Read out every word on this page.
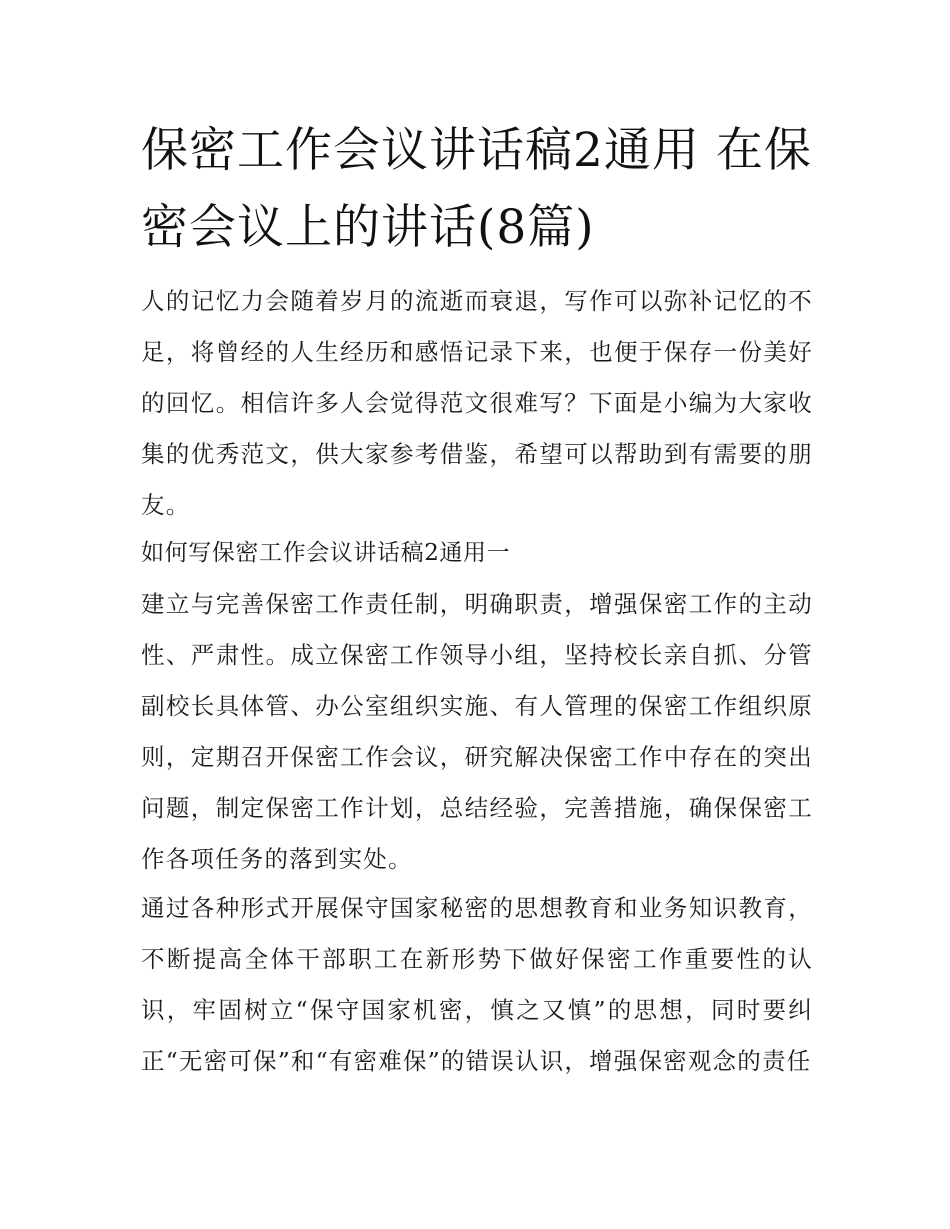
保密工作会议讲话稿2通用 在保密会议上的讲话(8篇)

人的记忆力会随着岁月的流逝而衰退，写作可以弥补记忆的不足，将曾经的人生经历和感悟记录下来，也便于保存一份美好的回忆。相信许多人会觉得范文很难写？下面是小编为大家收集的优秀范文，供大家参考借鉴，希望可以帮助到有需要的朋友。

如何写保密工作会议讲话稿2通用一

建立与完善保密工作责任制，明确职责，增强保密工作的主动性、严肃性。成立保密工作领导小组，坚持校长亲自抓、分管副校长具体管、办公室组织实施、有人管理的保密工作组织原则，定期召开保密工作会议，研究解决保密工作中存在的突出问题，制定保密工作计划，总结经验，完善措施，确保保密工作各项任务的落到实处。

通过各种形式开展保守国家秘密的思想教育和业务知识教育，不断提高全体干部职工在新形势下做好保密工作重要性的认识，牢固树立“保守国家机密，慎之又慎”的思想，同时要纠正“无密可保”和“有密难保”的错误认识，增强保密观念的责任
